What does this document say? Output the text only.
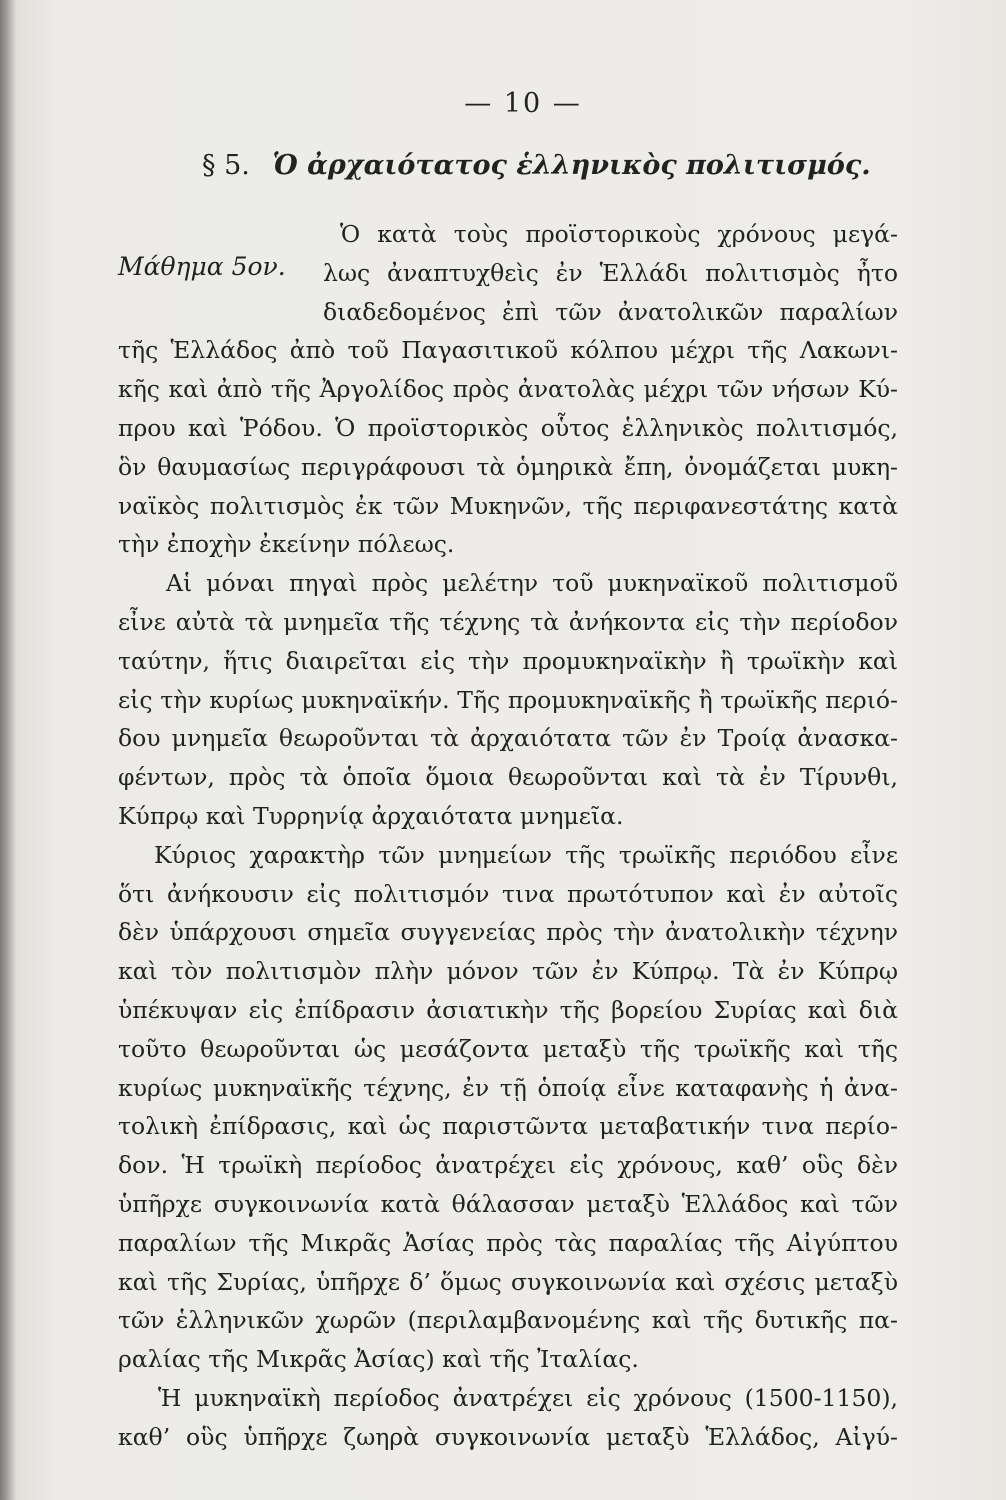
— 10 —
§ 5. Ὁ ἀρχαιότατος ἑλληνικὸς πολιτισμός.
Μάθημα 5ον.
Ὁ κατὰ τοὺς προϊστορικοὺς χρόνους μεγά-
λως ἀναπτυχθεὶς ἐν Ἑλλάδι πολιτισμὸς ἦτο
διαδεδομένος ἐπὶ τῶν ἀνατολικῶν παραλίων
τῆς Ἑλλάδος ἀπὸ τοῦ Παγασιτικοῦ κόλπου μέχρι τῆς Λακωνι-
κῆς καὶ ἀπὸ τῆς Ἀργολίδος πρὸς ἀνατολὰς μέχρι τῶν νήσων Κύ-
πρου καὶ Ῥόδου. Ὁ προϊστορικὸς οὗτος ἑλληνικὸς πολιτισμός,
ὃν θαυμασίως περιγράφουσι τὰ ὁμηρικὰ ἔπη, ὀνομάζεται μυκη-
ναϊκὸς πολιτισμὸς ἐκ τῶν Μυκηνῶν, τῆς περιφανεστάτης κατὰ
τὴν ἐποχὴν ἐκείνην πόλεως.
Αἱ μόναι πηγαὶ πρὸς μελέτην τοῦ μυκηναϊκοῦ πολιτισμοῦ
εἶνε αὐτὰ τὰ μνημεῖα τῆς τέχνης τὰ ἀνήκοντα εἰς τὴν περίοδον
ταύτην, ἥτις διαιρεῖται εἰς τὴν προμυκηναϊκὴν ἢ τρωϊκὴν καὶ
εἰς τὴν κυρίως μυκηναϊκήν. Τῆς προμυκηναϊκῆς ἢ τρωϊκῆς περιό-
δου μνημεῖα θεωροῦνται τὰ ἀρχαιότατα τῶν ἐν Τροίᾳ ἀνασκα-
φέντων, πρὸς τὰ ὁποῖα ὅμοια θεωροῦνται καὶ τὰ ἐν Τίρυνθι,
Κύπρῳ καὶ Τυρρηνίᾳ ἀρχαιότατα μνημεῖα.
Κύριος χαρακτὴρ τῶν μνημείων τῆς τρωϊκῆς περιόδου εἶνε
ὅτι ἀνήκουσιν εἰς πολιτισμόν τινα πρωτότυπον καὶ ἐν αὐτοῖς
δὲν ὑπάρχουσι σημεῖα συγγενείας πρὸς τὴν ἀνατολικὴν τέχνην
καὶ τὸν πολιτισμὸν πλὴν μόνον τῶν ἐν Κύπρῳ. Τὰ ἐν Κύπρῳ
ὑπέκυψαν εἰς ἐπίδρασιν ἀσιατικὴν τῆς βορείου Συρίας καὶ διὰ
τοῦτο θεωροῦνται ὡς μεσάζοντα μεταξὺ τῆς τρωϊκῆς καὶ τῆς
κυρίως μυκηναϊκῆς τέχνης, ἐν τῇ ὁποίᾳ εἶνε καταφανὴς ἡ ἀνα-
τολικὴ ἐπίδρασις, καὶ ὡς παριστῶντα μεταβατικήν τινα περίο-
δον. Ἡ τρωϊκὴ περίοδος ἀνατρέχει εἰς χρόνους, καθ’ οὓς δὲν
ὑπῆρχε συγκοινωνία κατὰ θάλασσαν μεταξὺ Ἑλλάδος καὶ τῶν
παραλίων τῆς Μικρᾶς Ἀσίας πρὸς τὰς παραλίας τῆς Αἰγύπτου
καὶ τῆς Συρίας, ὑπῆρχε δ’ ὅμως συγκοινωνία καὶ σχέσις μεταξὺ
τῶν ἑλληνικῶν χωρῶν (περιλαμβανομένης καὶ τῆς δυτικῆς πα-
ραλίας τῆς Μικρᾶς Ἀσίας) καὶ τῆς Ἰταλίας.
Ἡ μυκηναϊκὴ περίοδος ἀνατρέχει εἰς χρόνους (1500-1150),
καθ’ οὓς ὑπῆρχε ζωηρὰ συγκοινωνία μεταξὺ Ἑλλάδος, Αἰγύ-
